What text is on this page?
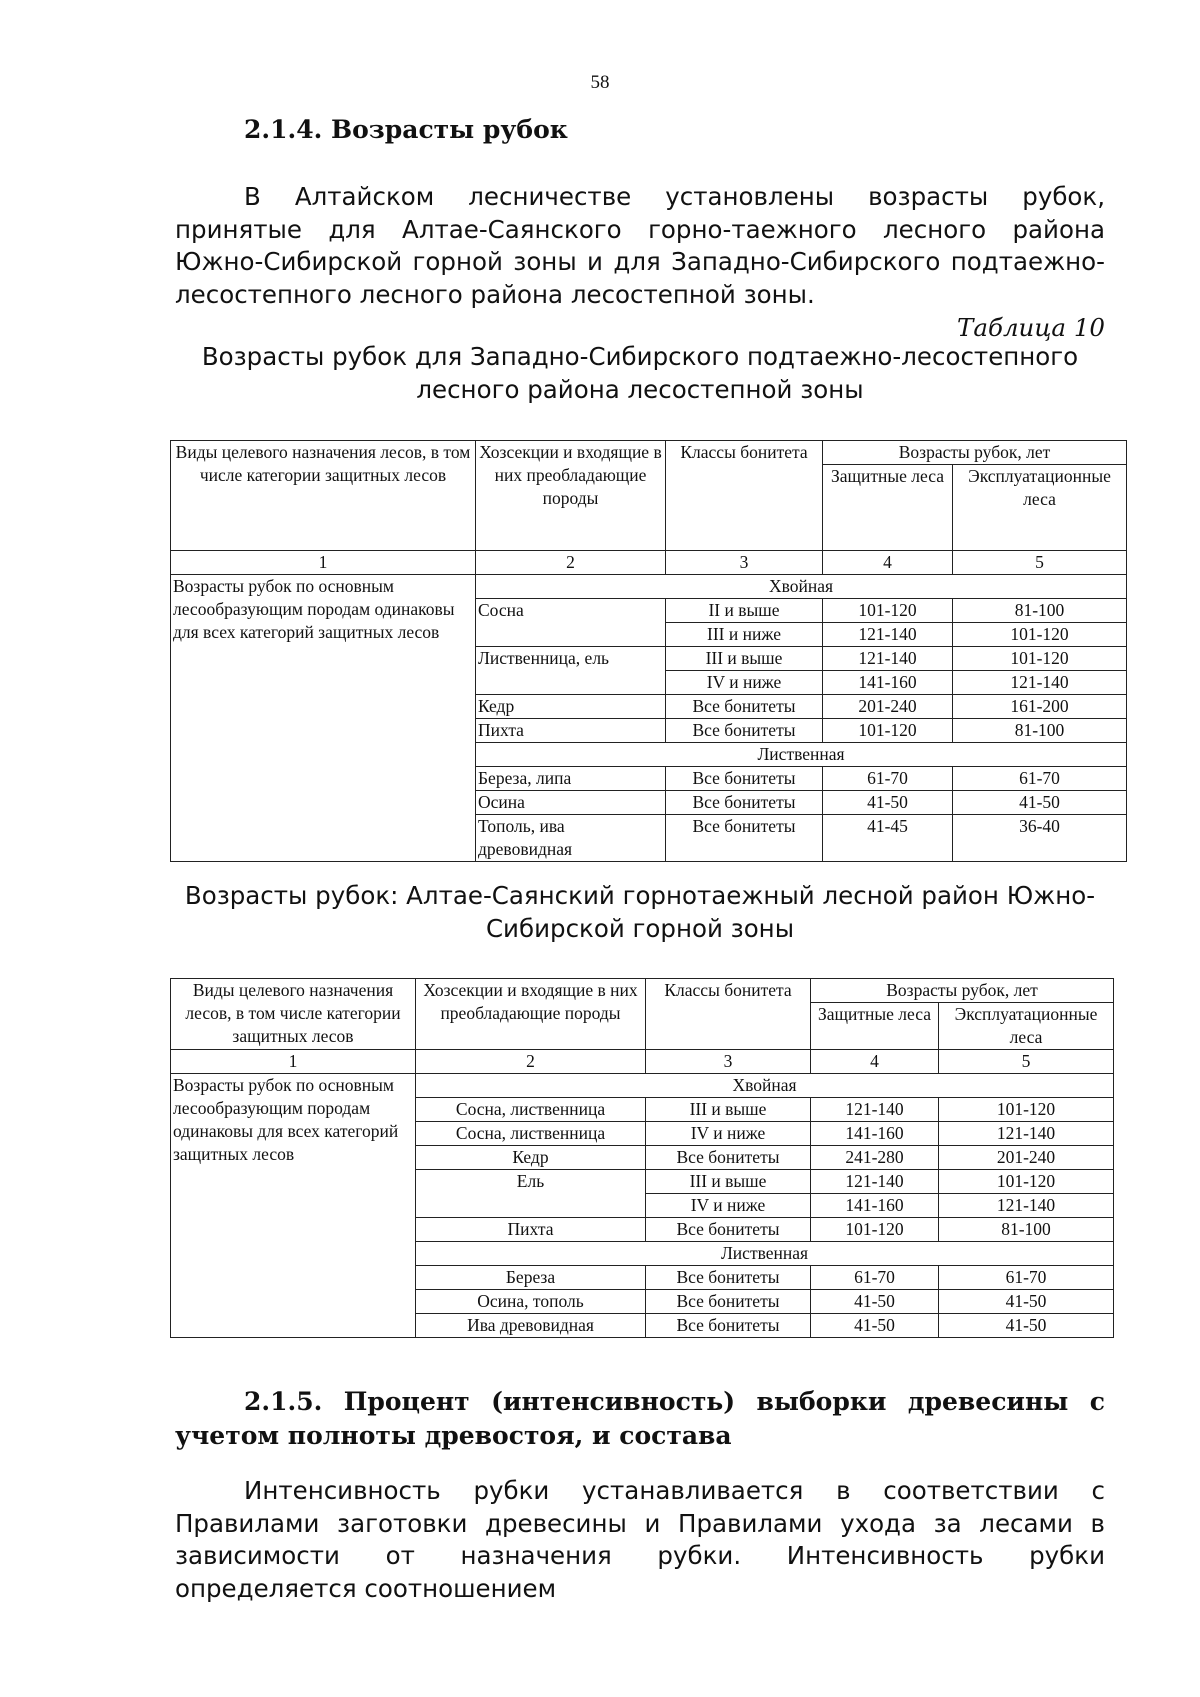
58
2.1.4. Возрасты рубок

В Алтайском лесничестве установлены возрасты рубок, принятые для Алтае-Саянского горно-таежного лесного района Южно-Сибирской горной зоны и для Западно-Сибирского подтаежно-лесостепного лесного района лесостепной зоны.

Таблица 10

Возрасты рубок для Западно-Сибирского подтаежно-лесостепного лесного района лесостепной зоны

Виды целевого назначения лесов, в том числе категории защитных лесов	Хозсекции и входящие в них преобладающие породы	Классы бонитета	Возрасты рубок, лет	
			Защитные леса	Эксплуатационные леса
1	2	3	4	5
Возрасты рубок по основным лесообразующим породам одинаковы для всех категорий защитных лесов	Хвойная			
	Сосна	II и выше	101-120	81-100
		III и ниже	121-140	101-120
	Лиственница, ель	III и выше	121-140	101-120
		IV и ниже	141-160	121-140
	Кедр	Все бонитеты	201-240	161-200
	Пихта	Все бонитеты	101-120	81-100
	Лиственная			
	Береза, липа	Все бонитеты	61-70	61-70
	Осина	Все бонитеты	41-50	41-50
	Тополь, ива древовидная	Все бонитеты	41-45	36-40

Возрасты рубок: Алтае-Саянский горнотаежный лесной район Южно-Сибирской горной зоны

Виды целевого назначения лесов, в том числе категории защитных лесов	Хозсекции и входящие в них преобладающие породы	Классы бонитета	Возрасты рубок, лет	
			Защитные леса	Эксплуатационные леса
1	2	3	4	5
Возрасты рубок по основным лесообразующим породам одинаковы для всех категорий защитных лесов	Хвойная			
	Сосна, лиственница	III и выше	121-140	101-120
	Сосна, лиственница	IV и ниже	141-160	121-140
	Кедр	Все бонитеты	241-280	201-240
	Ель	III и выше	121-140	101-120
		IV и ниже	141-160	121-140
	Пихта	Все бонитеты	101-120	81-100
	Лиственная			
	Береза	Все бонитеты	61-70	61-70
	Осина, тополь	Все бонитеты	41-50	41-50
	Ива древовидная	Все бонитеты	41-50	41-50
2.1.5. Процент (интенсивность) выборки древесины с учетом полноты древостоя, и состава

Интенсивность рубки устанавливается в соответствии с Правилами заготовки древесины и Правилами ухода за лесами в зависимости от назначения рубки. Интенсивность рубки определяется соотношением
